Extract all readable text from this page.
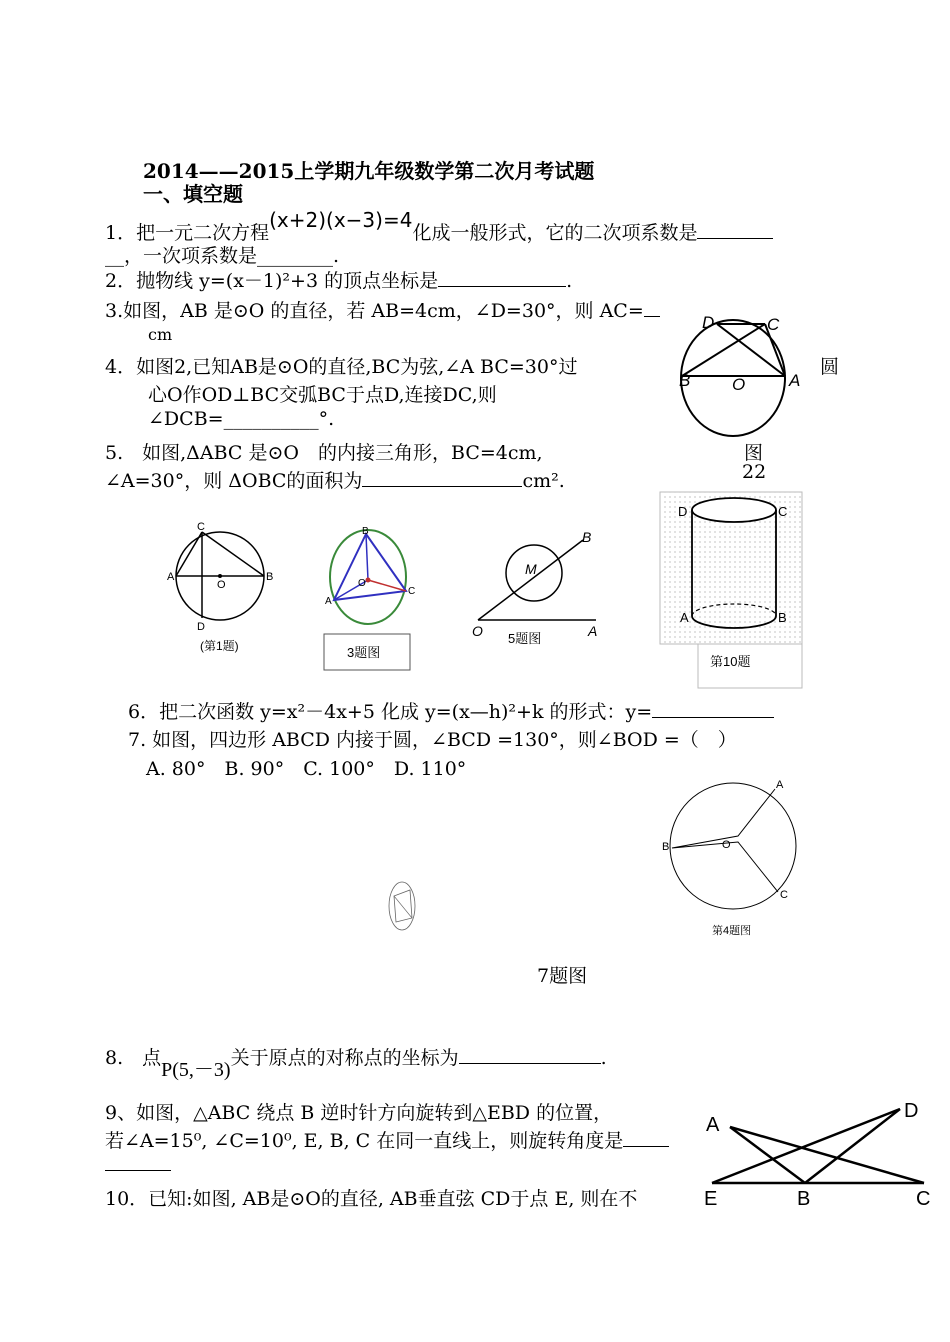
2014——2015上学期九年级数学第二次月考试题
一、填空题
1．把一元二次方程(x+2)(x−3)=4化成一般形式，它的二次项系数是
__，一次项系数是________.
2．抛物线 y=(x－1)²+3 的顶点坐标是	.
3.如图，AB 是⊙O 的直径，若 AB=4cm，∠D=30°，则 AC=
cm
4．如图2,已知AB是⊙O的直径,BC为弦,∠A BC=30°过	圆
心O作OD⊥BC交弧BC于点D,连接DC,则
∠DCB=__________°.
5.　如图,ΔABC 是⊙O　的内接三角形，BC=4cm,
∠A=30°，则 ΔOBC的面积为	cm².
D	C
B O	A
图
22
C
A
O
B
D
(第1题)
B
O
A
C
3题图
B
M
O	A
5题图
D	C
A	B
第10题
6．把二次函数 y=x²－4x+5 化成 y=(x—h)²+k 的形式：y=
7. 如图，四边形 ABCD 内接于圆，∠BCD =130°，则∠BOD =（　）
A. 80°　B. 90°　C. 100°　D. 110°
A
B	O
C
第4题图
7题图
8.　点P(5,－3)关于原点的对称点的坐标为	.
9、如图，△ABC 绕点 B 逆时针方向旋转到△EBD 的位置，
若∠A=15⁰, ∠C=10⁰, E, B, C 在同一直线上，则旋转角度是
A
D
E	B	C
10．已知:如图, AB是⊙O的直径, AB垂直弦 CD于点 E, 则在不
